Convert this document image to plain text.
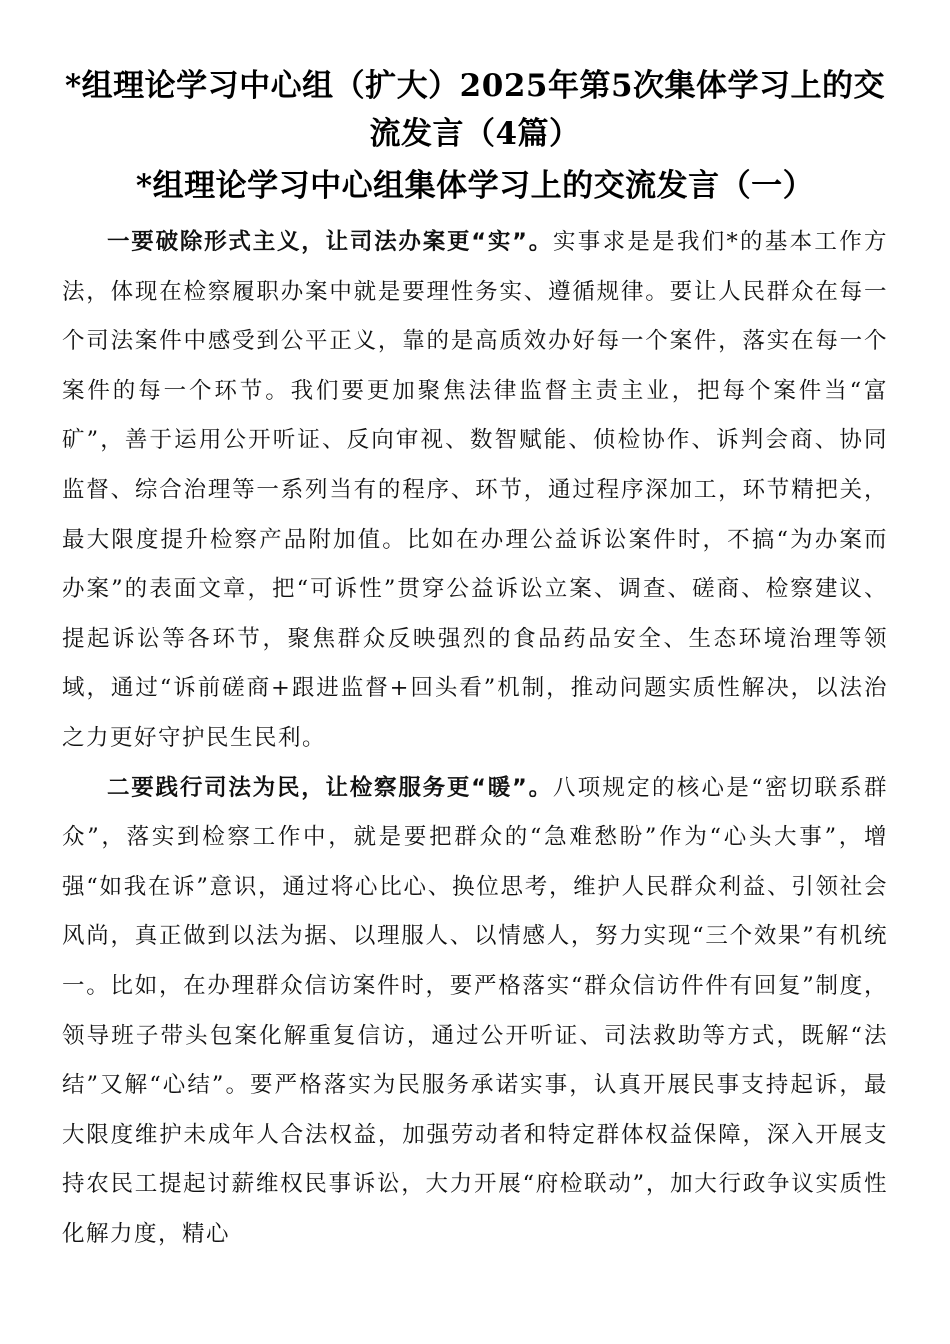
*组理论学习中心组（扩大）2025年第5次集体学习上的交流发言（4篇）
*组理论学习中心组集体学习上的交流发言（一）

一要破除形式主义，让司法办案更“实”。实事求是是我们*的基本工作方法，体现在检察履职办案中就是要理性务实、遵循规律。要让人民群众在每一个司法案件中感受到公平正义，靠的是高质效办好每一个案件，落实在每一个案件的每一个环节。我们要更加聚焦法律监督主责主业，把每个案件当“富矿”，善于运用公开听证、反向审视、数智赋能、侦检协作、诉判会商、协同监督、综合治理等一系列当有的程序、环节，通过程序深加工，环节精把关，最大限度提升检察产品附加值。比如在办理公益诉讼案件时，不搞“为办案而办案”的表面文章，把“可诉性”贯穿公益诉讼立案、调查、磋商、检察建议、提起诉讼等各环节，聚焦群众反映强烈的食品药品安全、生态环境治理等领域，通过“诉前磋商+跟进监督+回头看”机制，推动问题实质性解决，以法治之力更好守护民生民利。

二要践行司法为民，让检察服务更“暖”。八项规定的核心是“密切联系群众”，落实到检察工作中，就是要把群众的“急难愁盼”作为“心头大事”，增强“如我在诉”意识，通过将心比心、换位思考，维护人民群众利益、引领社会风尚，真正做到以法为据、以理服人、以情感人，努力实现“三个效果”有机统一。比如，在办理群众信访案件时，要严格落实“群众信访件件有回复”制度，领导班子带头包案化解重复信访，通过公开听证、司法救助等方式，既解“法结”又解“心结”。要严格落实为民服务承诺实事，认真开展民事支持起诉，最大限度维护未成年人合法权益，加强劳动者和特定群体权益保障，深入开展支持农民工提起讨薪维权民事诉讼，大力开展“府检联动”，加大行政争议实质性化解力度，精心
